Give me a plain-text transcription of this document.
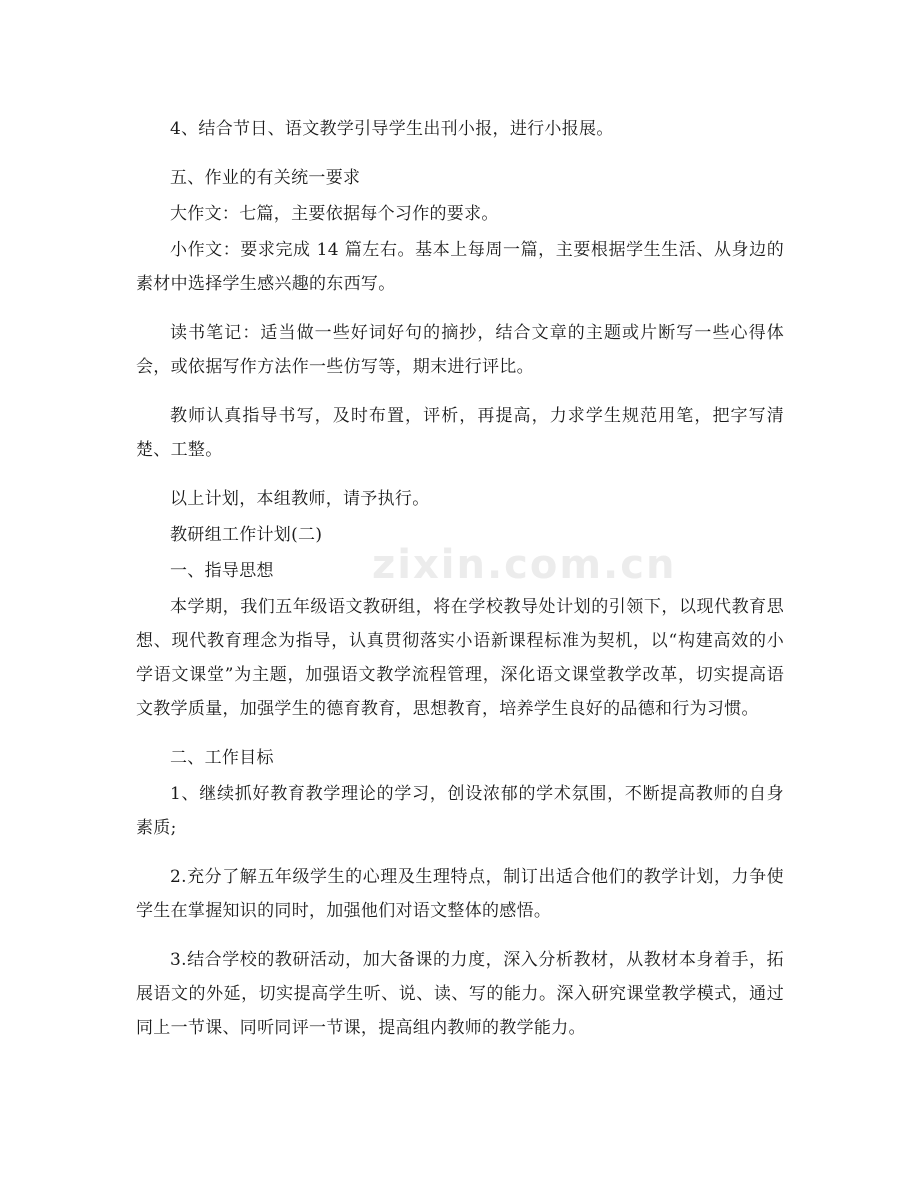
4、结合节日、语文教学引导学生出刊小报，进行小报展。

五、作业的有关统一要求

大作文：七篇，主要依据每个习作的要求。

小作文：要求完成 14 篇左右。基本上每周一篇，主要根据学生生活、从身边的素材中选择学生感兴趣的东西写。

读书笔记：适当做一些好词好句的摘抄，结合文章的主题或片断写一些心得体会，或依据写作方法作一些仿写等，期末进行评比。

教师认真指导书写，及时布置，评析，再提高，力求学生规范用笔，把字写清楚、工整。

以上计划，本组教师，请予执行。

教研组工作计划(二)

一、指导思想

本学期，我们五年级语文教研组，将在学校教导处计划的引领下，以现代教育思想、现代教育理念为指导，认真贯彻落实小语新课程标准为契机，以“构建高效的小学语文课堂”为主题，加强语文教学流程管理，深化语文课堂教学改革，切实提高语文教学质量，加强学生的德育教育，思想教育，培养学生良好的品德和行为习惯。

二、工作目标

1、继续抓好教育教学理论的学习，创设浓郁的学术氛围，不断提高教师的自身素质;

2.充分了解五年级学生的心理及生理特点，制订出适合他们的教学计划，力争使学生在掌握知识的同时，加强他们对语文整体的感悟。

3.结合学校的教研活动，加大备课的力度，深入分析教材，从教材本身着手，拓展语文的外延，切实提高学生听、说、读、写的能力。深入研究课堂教学模式，通过同上一节课、同听同评一节课，提高组内教师的教学能力。

zixin.com.cn
